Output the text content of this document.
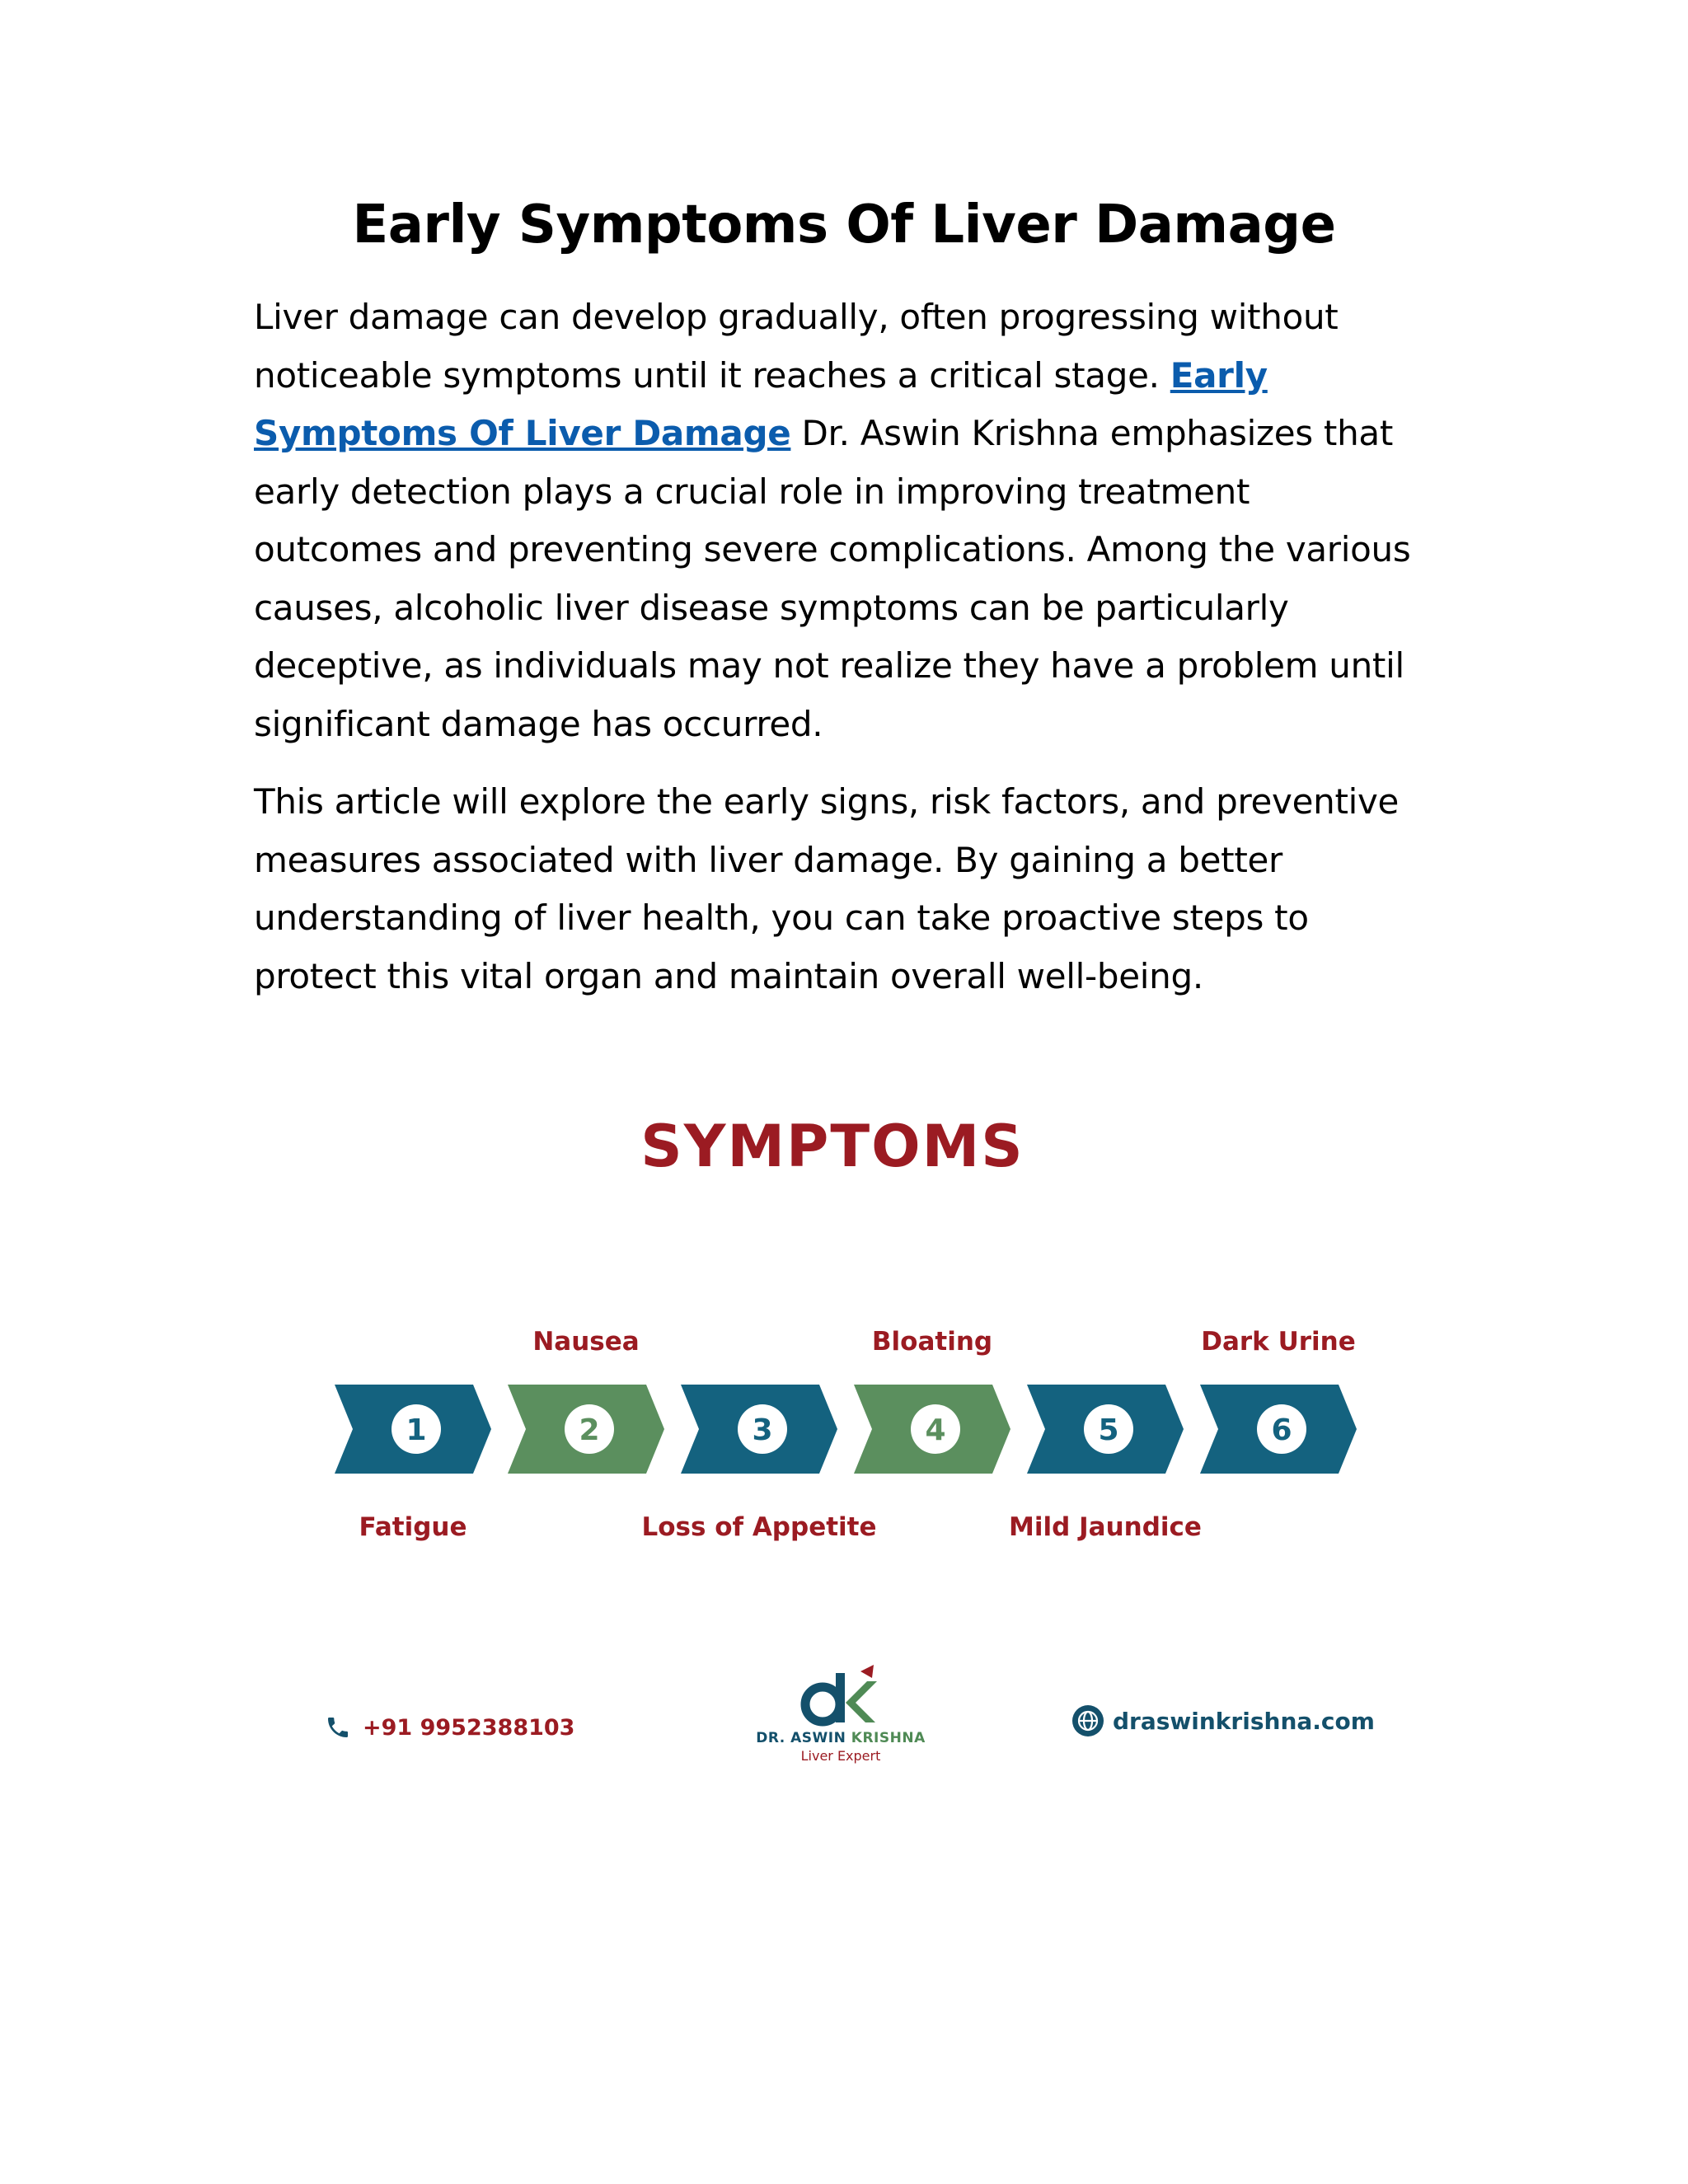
Early Symptoms Of Liver Damage

Liver damage can develop gradually, often progressing without noticeable symptoms until it reaches a critical stage. Early Symptoms Of Liver Damage Dr. Aswin Krishna emphasizes that early detection plays a crucial role in improving treatment outcomes and preventing severe complications. Among the various causes, alcoholic liver disease symptoms can be particularly deceptive, as individuals may not realize they have a problem until significant damage has occurred.

This article will explore the early signs, risk factors, and preventive measures associated with liver damage. By gaining a better understanding of liver health, you can take proactive steps to protect this vital organ and maintain overall well-being.

SYMPTOMS
1	2	3	4	5	6
Fatigue
Nausea
Loss of Appetite
Bloating
Mild Jaundice
Dark Urine
+91 9952388103	DR. ASWIN KRISHNA
Liver Expert
draswinkrishna.com
